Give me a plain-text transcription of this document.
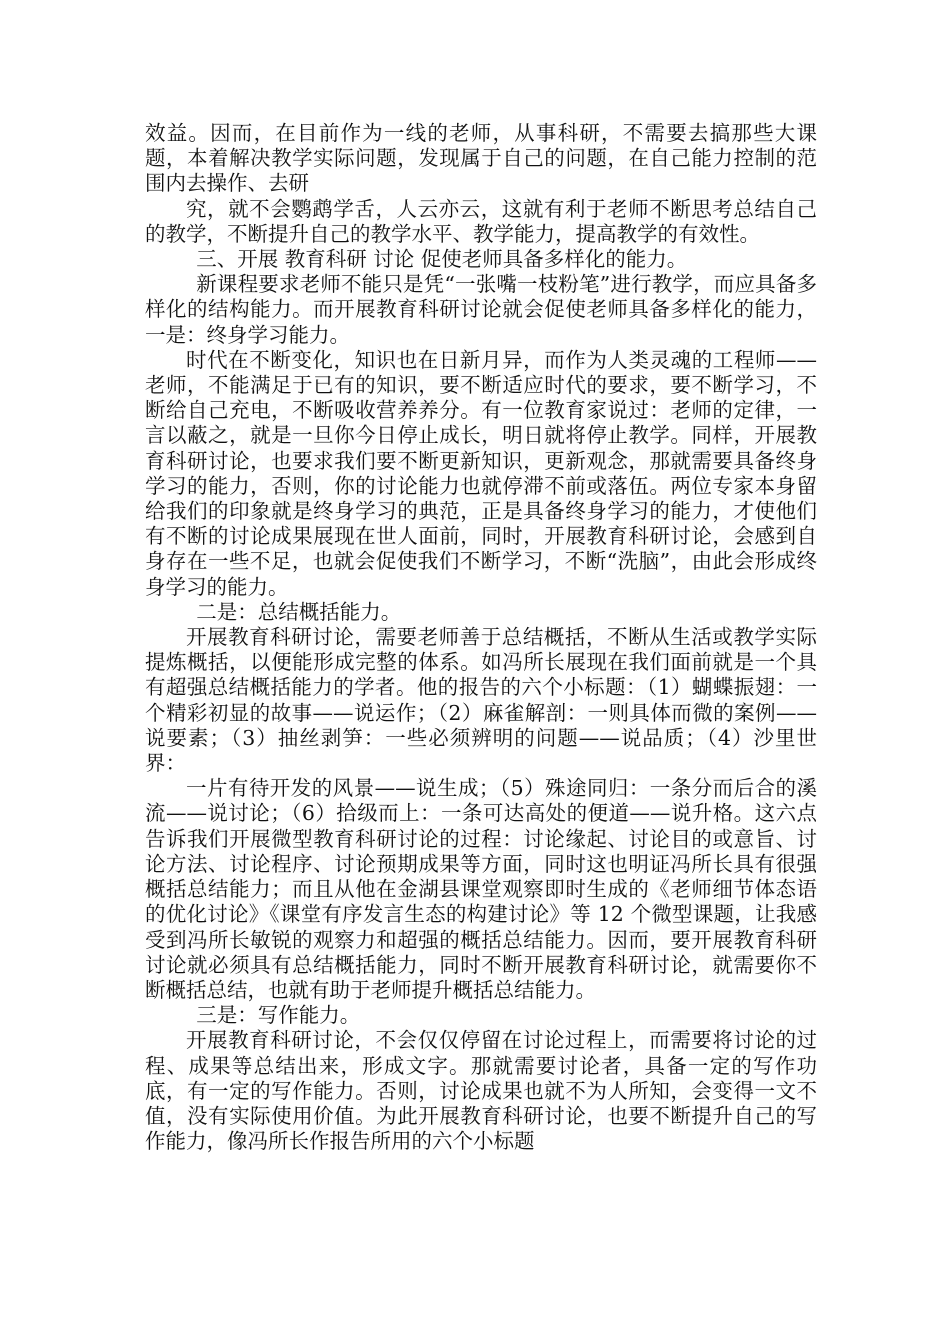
效益。因而，在目前作为一线的老师，从事科研，不需要去搞那些大课题，本着解决教学实际问题，发现属于自己的问题，在自己能力控制的范围内去操作、去研

究，就不会鹦鹉学舌，人云亦云，这就有利于老师不断思考总结自己的教学，不断提升自己的教学水平、教学能力，提高教学的有效性。

三、开展 教育科研 讨论 促使老师具备多样化的能力。

新课程要求老师不能只是凭“一张嘴一枝粉笔”进行教学，而应具备多样化的结构能力。而开展教育科研讨论就会促使老师具备多样化的能力， 一是：终身学习能力。

时代在不断变化，知识也在日新月异，而作为人类灵魂的工程师——老师，不能满足于已有的知识，要不断适应时代的要求，要不断学习，不断给自己充电，不断吸收营养养分。有一位教育家说过：老师的定律，一言以蔽之，就是一旦你今日停止成长，明日就将停止教学。同样，开展教育科研讨论，也要求我们要不断更新知识，更新观念，那就需要具备终身学习的能力，否则，你的讨论能力也就停滞不前或落伍。两位专家本身留给我们的印象就是终身学习的典范，正是具备终身学习的能力，才使他们有不断的讨论成果展现在世人面前，同时，开展教育科研讨论，会感到自身存在一些不足，也就会促使我们不断学习，不断“洗脑”，由此会形成终身学习的能力。

二是：总结概括能力。

开展教育科研讨论，需要老师善于总结概括，不断从生活或教学实际提炼概括，以便能形成完整的体系。如冯所长展现在我们面前就是一个具有超强总结概括能力的学者。他的报告的六个小标题：（1）蝴蝶振翅：一个精彩初显的故事——说运作；（2）麻雀解剖：一则具体而微的案例——说要素；（3）抽丝剥笋：一些必须辨明的问题——说品质；（4）沙里世界：

一片有待开发的风景——说生成；（5）殊途同归：一条分而后合的溪流——说讨论；（6）拾级而上：一条可达高处的便道——说升格。这六点告诉我们开展微型教育科研讨论的过程：讨论缘起、讨论目的或意旨、讨论方法、讨论程序、讨论预期成果等方面，同时这也明证冯所长具有很强概括总结能力；而且从他在金湖县课堂观察即时生成的《老师细节体态语的优化讨论》《课堂有序发言生态的构建讨论》等 12 个微型课题，让我感受到冯所长敏锐的观察力和超强的概括总结能力。因而，要开展教育科研讨论就必须具有总结概括能力，同时不断开展教育科研讨论，就需要你不断概括总结，也就有助于老师提升概括总结能力。

三是：写作能力。

开展教育科研讨论，不会仅仅停留在讨论过程上，而需要将讨论的过程、成果等总结出来，形成文字。那就需要讨论者，具备一定的写作功底，有一定的写作能力。否则，讨论成果也就不为人所知，会变得一文不值，没有实际使用价值。为此开展教育科研讨论，也要不断提升自己的写作能力，像冯所长作报告所用的六个小标题
